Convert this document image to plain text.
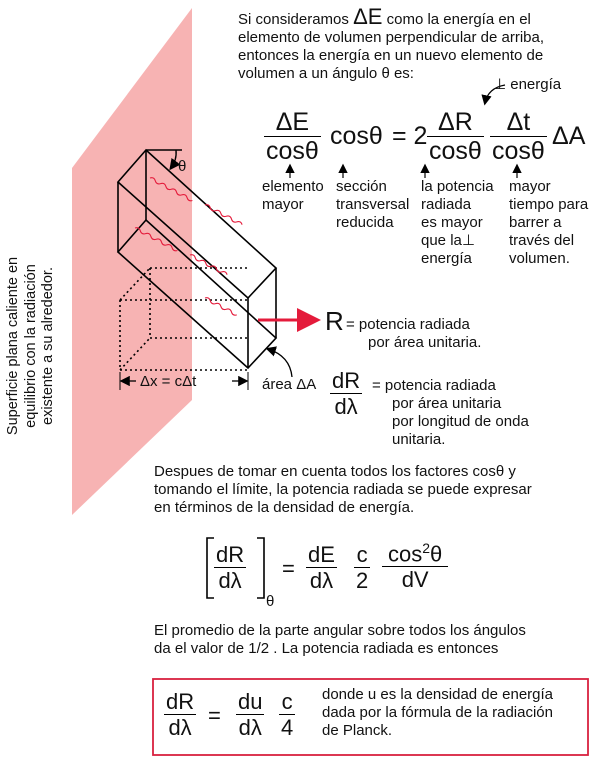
Superficie plana caliente en equilibrio con la radiación existente a su alrededor.
Si consideramos ΔE como la energía en el
elemento de volumen perpendicular de arriba,
entonces la energía en un nuevo elemento de
volumen a un ángulo θ es:
⊥ energía
$\frac{\Delta E}{\cos\theta}$ $\cos\theta = 2 \frac{\Delta R}{\cos\theta} \frac{\Delta t}{\cos\theta}$ ΔA
elemento
mayor
sección
transversal
reducida
la potencia
radiada
es mayor
que la⊥
energía
mayor
tiempo para
barrer a
través del
volumen.
θ
R = potencia radiada
por área unitaria.
área ΔA
Δx = cΔt	$\frac{dR}{d\lambda}$ = potencia radiada
por área unitaria
por longitud de onda
unitaria.
Despues de tomar en cuenta todos los factores cosθ y
tomando el límite, la potencia radiada se puede expresar
en términos de la densidad de energía.
$\frac{dR}{d\lambda}$
θ
= $\frac{dE}{d\lambda} \frac{c}{2} \frac{\cos^2\theta}{dV}$
El promedio de la parte angular sobre todos los ángulos
da el valor de 1/2 . La potencia radiada es entonces
$\frac{dR}{d\lambda} = \frac{du}{d\lambda} \frac{c}{4}$ donde u es la densidad de energía
dada por la fórmula de la radiación
de Planck.
